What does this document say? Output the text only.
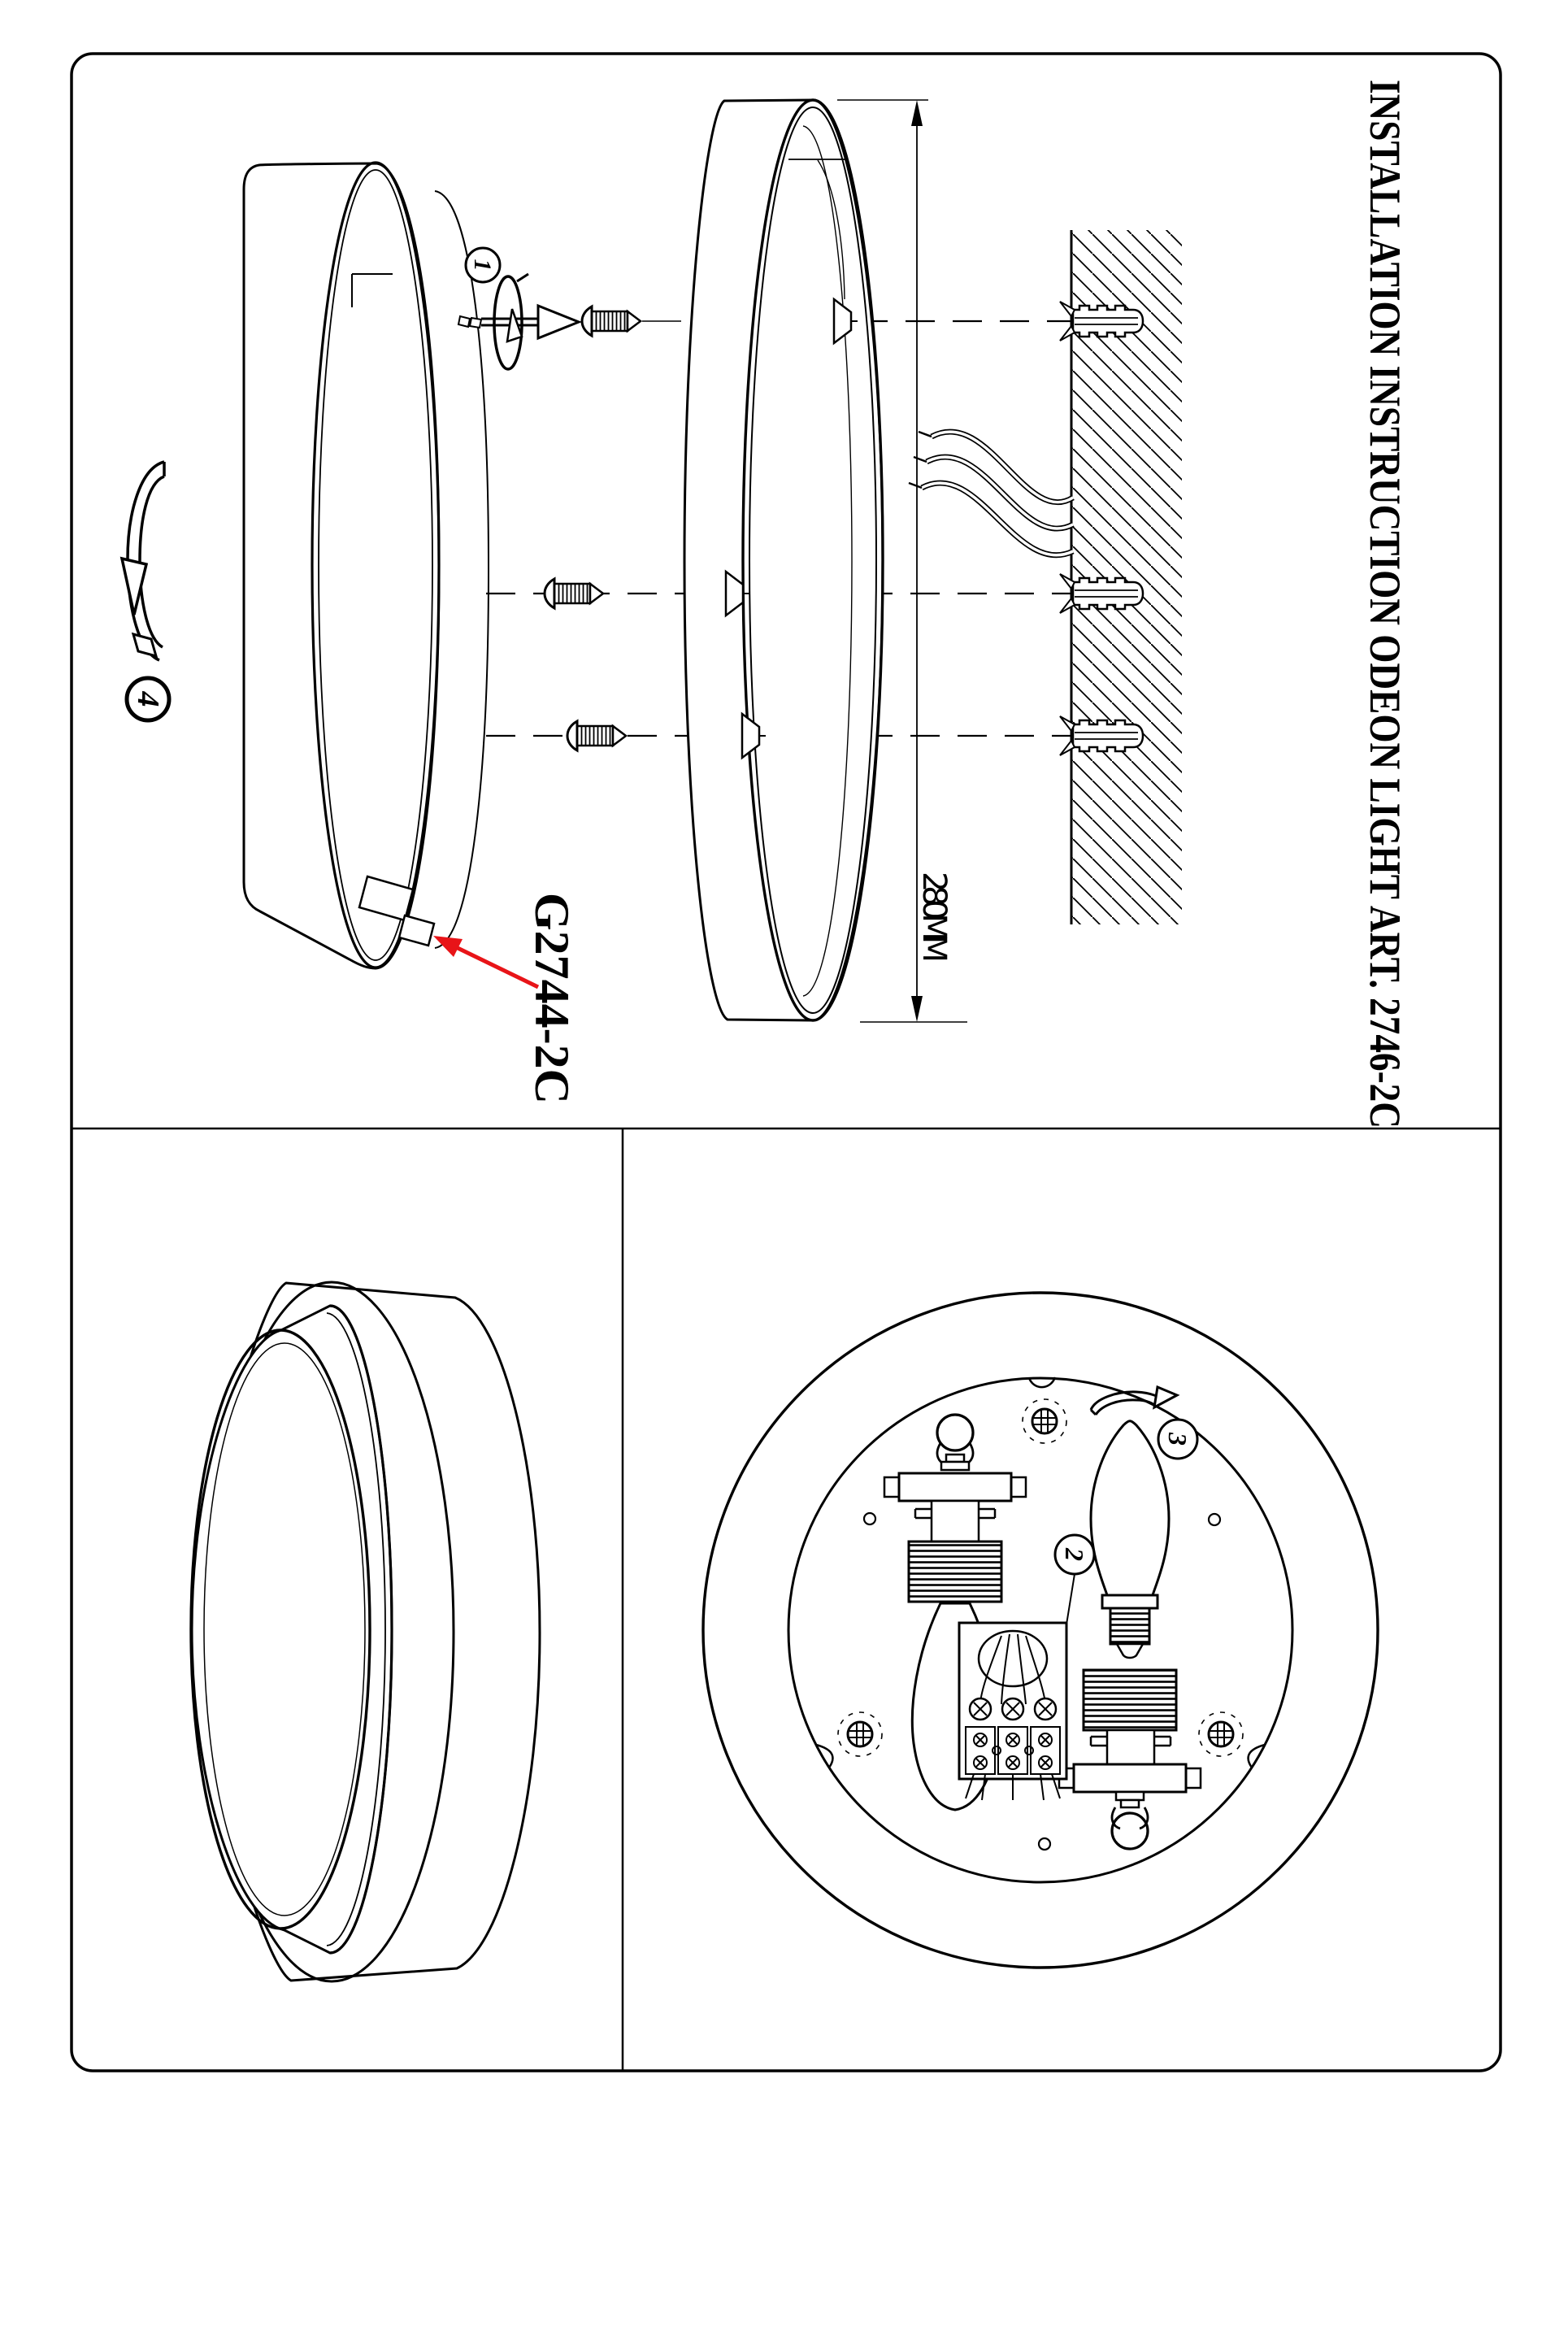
4
1
280MM
G2744-2C	INSTALLATION INSTRUCTION ODEON LIGHT ART. 2746-2C
3
2
